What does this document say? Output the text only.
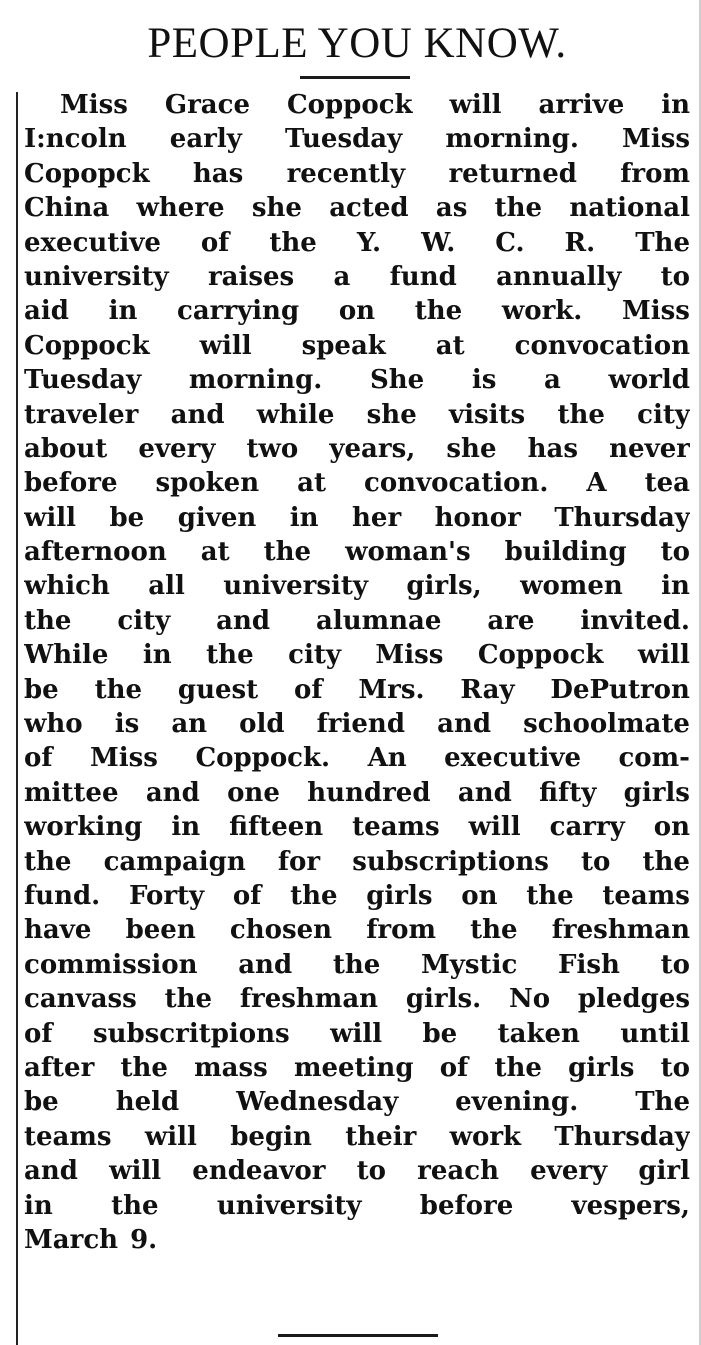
PEOPLE YOU KNOW.
Miss Grace Coppock will arrive in
I:ncoln early Tuesday morning. Miss
Copopck has recently returned from
China where she acted as the national
executive of the Y. W. C. R. The
university raises a fund annually to
aid in carrying on the work. Miss
Coppock will speak at convocation
Tuesday morning. She is a world
traveler and while she visits the city
about every two years, she has never
before spoken at convocation. A tea
will be given in her honor Thursday
afternoon at the woman's building to
which all university girls, women in
the city and alumnae are invited.
While in the city Miss Coppock will
be the guest of Mrs. Ray DePutron
who is an old friend and schoolmate
of Miss Coppock. An executive com-
mittee and one hundred and fifty girls
working in fifteen teams will carry on
the campaign for subscriptions to the
fund. Forty of the girls on the teams
have been chosen from the freshman
commission and the Mystic Fish to
canvass the freshman girls. No pledges
of subscritpions will be taken until
after the mass meeting of the girls to
be held Wednesday evening. The
teams will begin their work Thursday
and will endeavor to reach every girl
in the university before vespers,
March 9.
